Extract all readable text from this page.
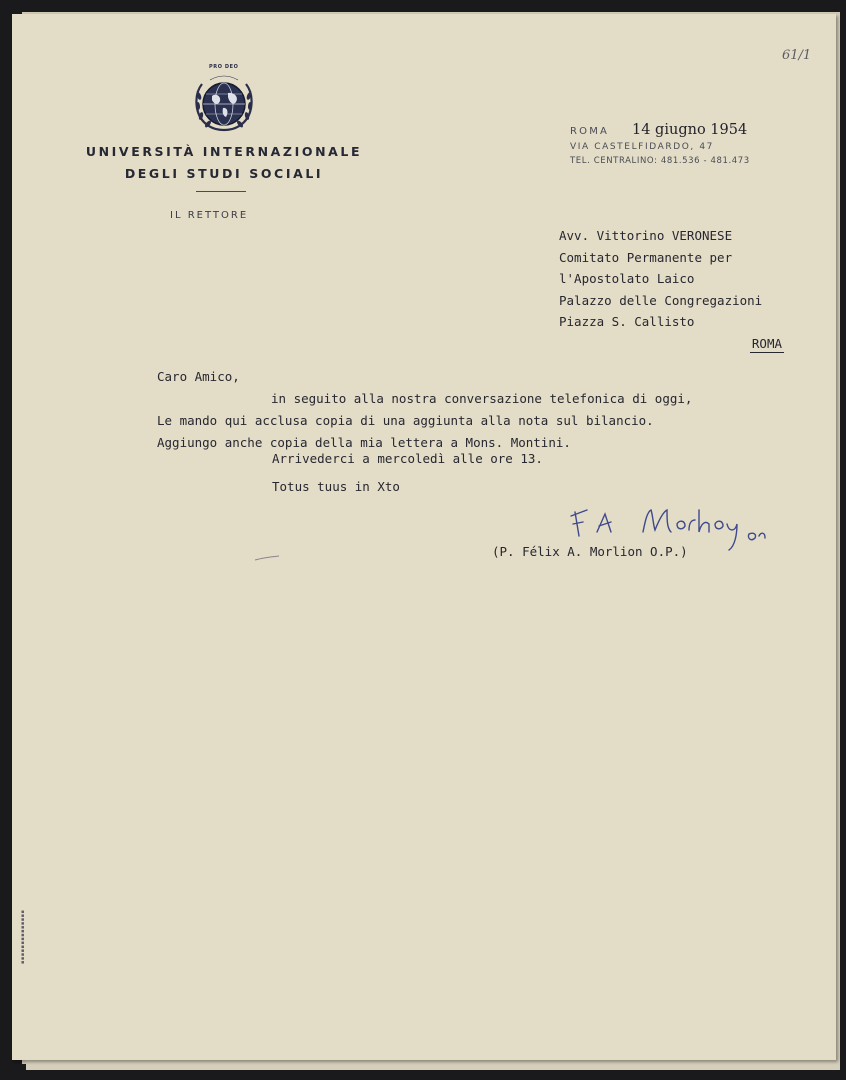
PRO DEO
UNIVERSITÀ INTERNAZIONALE
DEGLI STUDI SOCIALI
IL RETTORE
ROMA 14 giugno 1954
VIA CASTELFIDARDO, 47
TEL. CENTRALINO: 481.536 - 481.473
61/1
Avv. Vittorino VERONESE
Comitato Permanente per
l'Apostolato Laico
Palazzo delle Congregazioni
Piazza S. Callisto
ROMA
Caro Amico,
in seguito alla nostra conversazione telefonica di oggi,
Le mando qui acclusa copia di una aggiunta alla nota sul bilancio.
Aggiungo anche copia della mia lettera a Mons. Montini.
Arrivederci a mercoledì alle ore 13.
Totus tuus in Xto
(P. Félix A. Morlion O.P.)
▪▪▪▪▪▪▪▪▪▪▪▪▪▪
